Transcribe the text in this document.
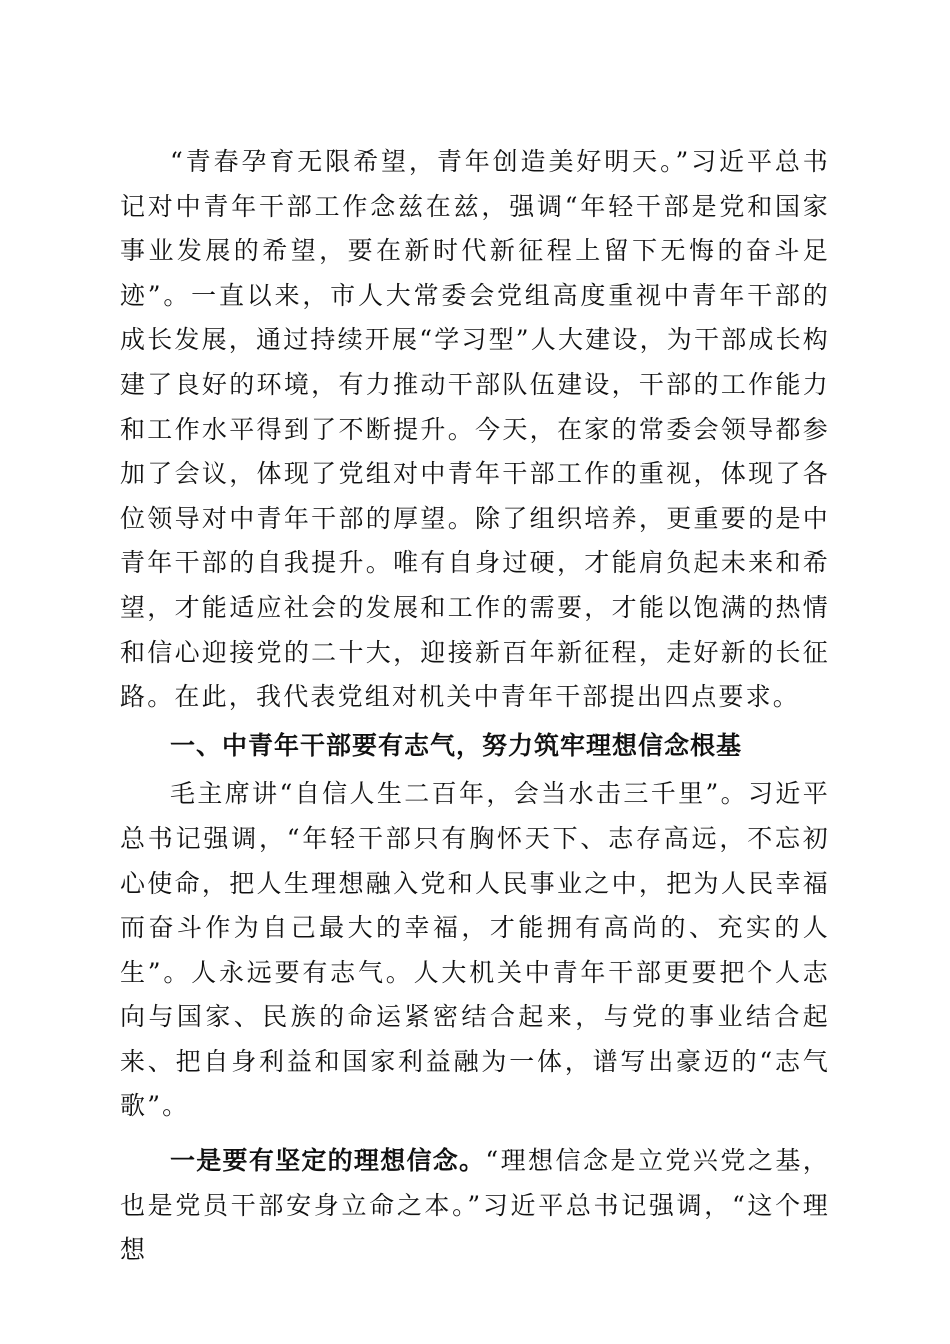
“青春孕育无限希望，青年创造美好明天。”习近平总书记对中青年干部工作念兹在兹，强调“年轻干部是党和国家事业发展的希望，要在新时代新征程上留下无悔的奋斗足迹”。一直以来，市人大常委会党组高度重视中青年干部的成长发展，通过持续开展“学习型”人大建设，为干部成长构建了良好的环境，有力推动干部队伍建设，干部的工作能力和工作水平得到了不断提升。今天，在家的常委会领导都参加了会议，体现了党组对中青年干部工作的重视，体现了各位领导对中青年干部的厚望。除了组织培养，更重要的是中青年干部的自我提升。唯有自身过硬，才能肩负起未来和希望，才能适应社会的发展和工作的需要，才能以饱满的热情和信心迎接党的二十大，迎接新百年新征程，走好新的长征路。在此，我代表党组对机关中青年干部提出四点要求。

一、中青年干部要有志气，努力筑牢理想信念根基

毛主席讲“自信人生二百年，会当水击三千里”。习近平总书记强调，“年轻干部只有胸怀天下、志存高远，不忘初心使命，把人生理想融入党和人民事业之中，把为人民幸福而奋斗作为自己最大的幸福，才能拥有高尚的、充实的人生”。人永远要有志气。人大机关中青年干部更要把个人志向与国家、民族的命运紧密结合起来，与党的事业结合起来、把自身利益和国家利益融为一体，谱写出豪迈的“志气歌”。

一是要有坚定的理想信念。“理想信念是立党兴党之基，也是党员干部安身立命之本。”习近平总书记强调，“这个理想
